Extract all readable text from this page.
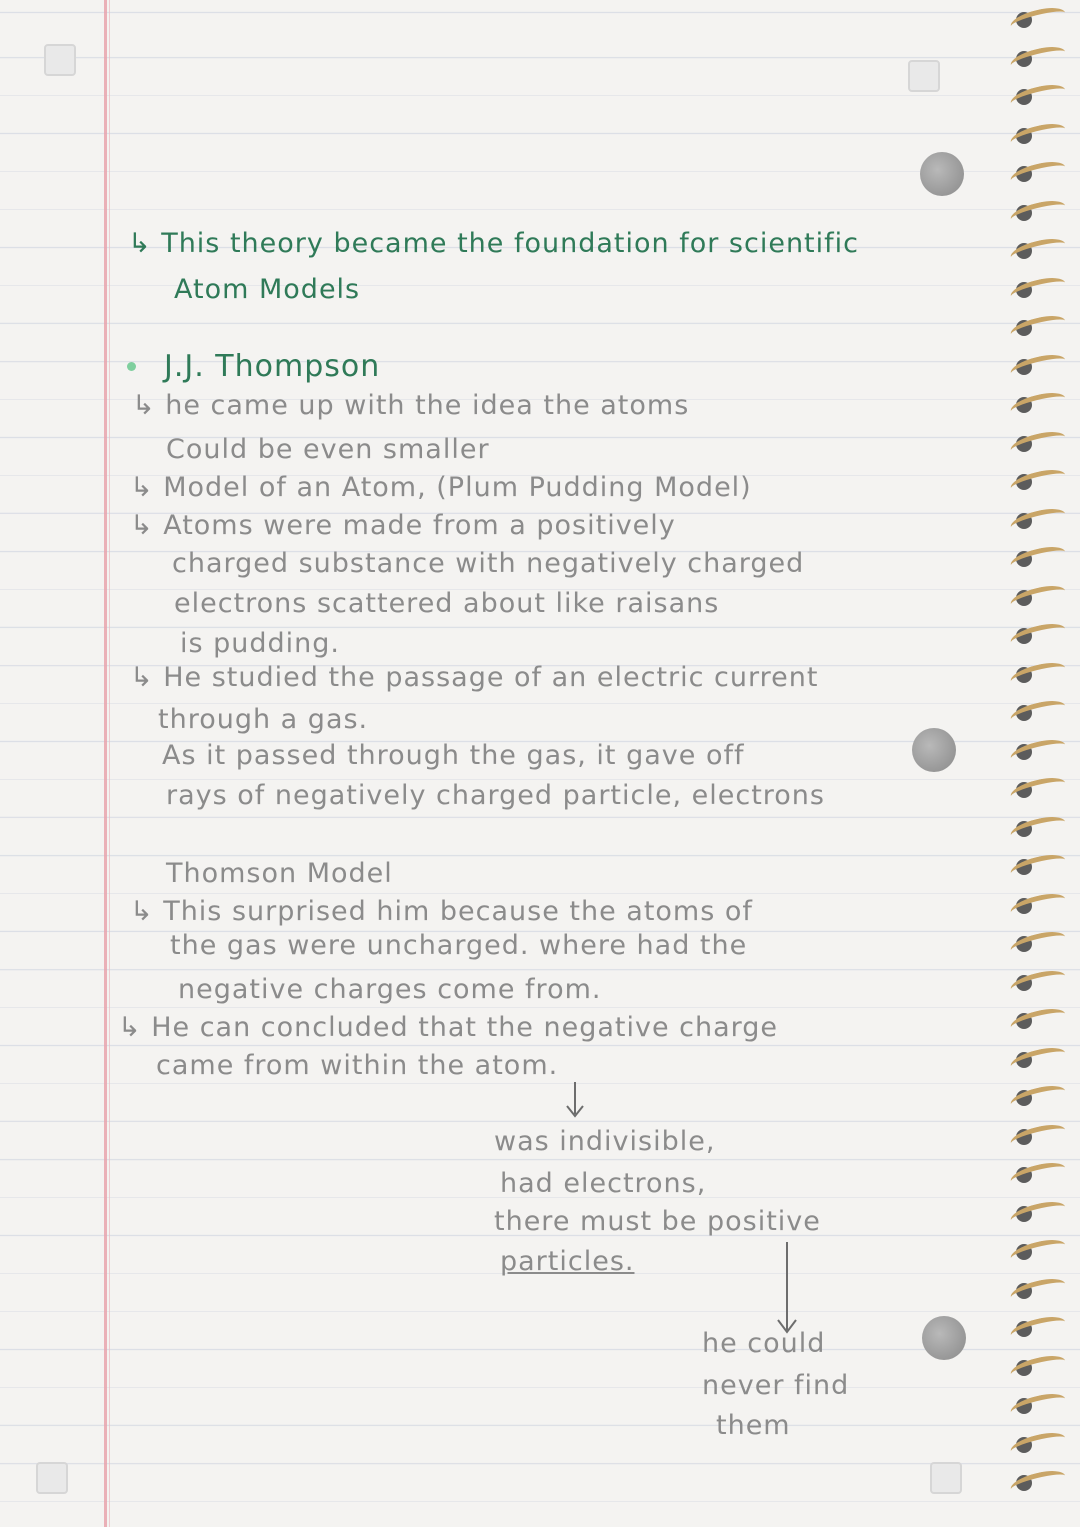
↳ This theory became the foundation for scientific
Atom Models
J.J. Thompson
↳ he came up with the idea the atoms
Could be even smaller
↳ Model of an Atom, (Plum Pudding Model)
↳ Atoms were made from a positively
charged substance with negatively charged
electrons scattered about like raisans
is pudding.
↳ He studied the passage of an electric current
through a gas.
As it passed through the gas, it gave off
rays of negatively charged particle, electrons
Thomson Model
↳ This surprised him because the atoms of
the gas were uncharged. where had the
negative charges come from.
↳ He can concluded that the negative charge
came from within the atom.
was indivisible,
had electrons,
there must be positive
particles.
he could
never find
them
